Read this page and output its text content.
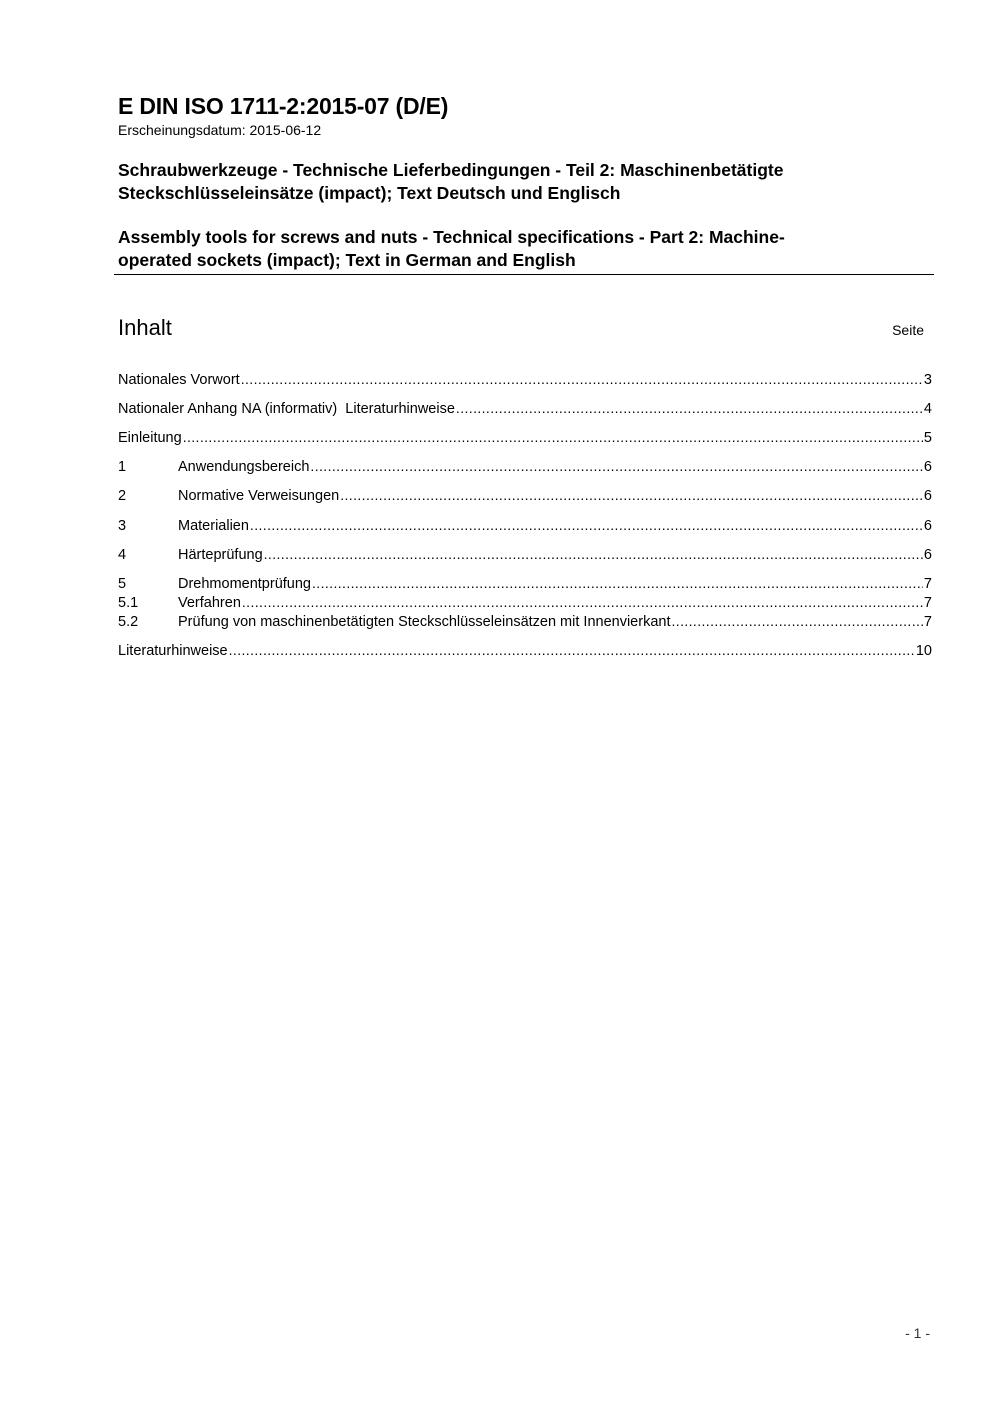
E DIN ISO 1711-2:2015-07 (D/E)
Erscheinungsdatum: 2015-06-12
Schraubwerkzeuge - Technische Lieferbedingungen - Teil 2: Maschinenbetätigte
Steckschlüsseleinsätze (impact); Text Deutsch und Englisch
Assembly tools for screws and nuts - Technical specifications - Part 2: Machine-
operated sockets (impact); Text in German and English
Inhalt	Seite
Nationales Vorwort .....	3
Nationaler Anhang NA (informativ)  Literaturhinweise .....	4
Einleitung .....	5
1	Anwendungsbereich .....	6
2	Normative Verweisungen .....	6
3	Materialien .....	6
4	Härteprüfung .....	6
5	Drehmomentprüfung .....	7
5.1	Verfahren .....	7
5.2	Prüfung von maschinenbetätigten Steckschlüsseleinsätzen mit Innenvierkant .....	7
Literaturhinweise .....	10
- 1 -
